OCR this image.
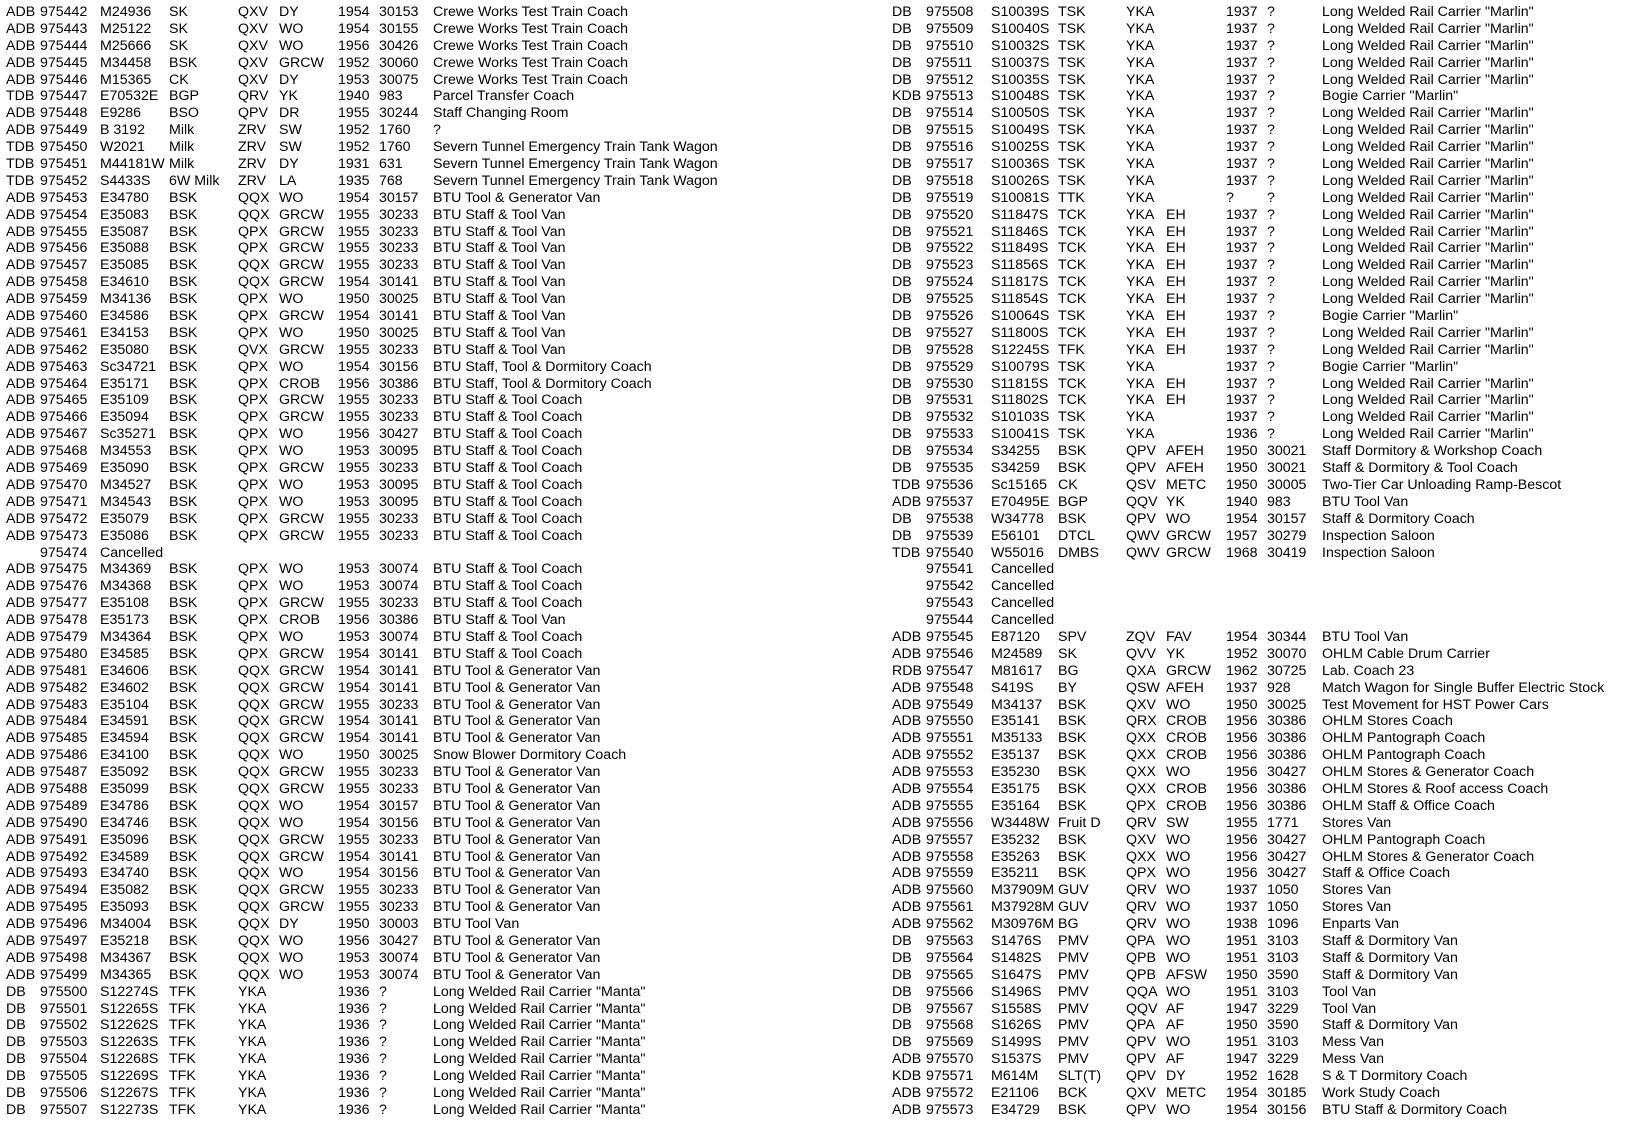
ADB 975442 M24936 SK	QXV DY	1954 30153 Crewe Works Test Train Coach
ADB 975443 M25122 SK	QXV WO 1954 30155 Crewe Works Test Train Coach
ADB 975444 M25666 SK	QXV WO 1956 30426 Crewe Works Test Train Coach
ADB 975445 M34458 BSK	QXV GRCW 1952 30060 Crewe Works Test Train Coach
ADB 975446 M15365 CK	QXV DY	1953 30075 Crewe Works Test Train Coach
TDB 975447 E70532E BGP	QRV YK	1940 983 Parcel Transfer Coach
ADB 975448 E9286 BSO	QPV DR	1955 30244 Staff Changing Room
ADB 975449 B 3192 Milk	ZRV SW	1952 1760 ?
TDB 975450 W2021 Milk	ZRV SW	1952 1760 Severn Tunnel Emergency Train Tank Wagon
TDB 975451 M44181W Milk	ZRV DY	1931 631 Severn Tunnel Emergency Train Tank Wagon
TDB 975452 S4433S 6W Milk ZRV LA	1935 768 Severn Tunnel Emergency Train Tank Wagon
ADB 975453 E34780 BSK	QQX WO 1954 30157 BTU Tool & Generator Van
ADB 975454 E35083 BSK	QQX GRCW 1955 30233 BTU Staff & Tool Van
ADB 975455 E35087 BSK	QPX GRCW 1955 30233 BTU Staff & Tool Van
ADB 975456 E35088 BSK	QPX GRCW 1955 30233 BTU Staff & Tool Van
ADB 975457 E35085 BSK	QQX GRCW 1955 30233 BTU Staff & Tool Van
ADB 975458 E34610 BSK	QQX GRCW 1954 30141 BTU Staff & Tool Van
ADB 975459 M34136 BSK	QPX WO 1950 30025 BTU Staff & Tool Van
ADB 975460 E34586 BSK	QPX GRCW 1954 30141 BTU Staff & Tool Van
ADB 975461 E34153 BSK	QPX WO 1950 30025 BTU Staff & Tool Van
ADB 975462 E35080 BSK	QVX GRCW 1955 30233 BTU Staff & Tool Van
ADB 975463 Sc34721 BSK	QPX WO 1954 30156 BTU Staff, Tool & Dormitory Coach
ADB 975464 E35171 BSK	QPX CROB 1956 30386 BTU Staff, Tool & Dormitory Coach
ADB 975465 E35109 BSK	QPX GRCW 1955 30233 BTU Staff & Tool Coach
ADB 975466 E35094 BSK	QPX GRCW 1955 30233 BTU Staff & Tool Coach
ADB 975467 Sc35271 BSK	QPX WO 1956 30427 BTU Staff & Tool Coach
ADB 975468 M34553 BSK	QPX WO 1953 30095 BTU Staff & Tool Coach
ADB 975469 E35090 BSK	QPX GRCW 1955 30233 BTU Staff & Tool Coach
ADB 975470 M34527 BSK	QPX WO 1953 30095 BTU Staff & Tool Coach
ADB 975471 M34543 BSK	QPX WO 1953 30095 BTU Staff & Tool Coach
ADB 975472 E35079 BSK	QPX GRCW 1955 30233 BTU Staff & Tool Coach
ADB 975473 E35086 BSK	QPX GRCW 1955 30233 BTU Staff & Tool Coach
975474 Cancelled
ADB 975475 M34369 BSK	QPX WO 1953 30074 BTU Staff & Tool Coach
ADB 975476 M34368 BSK	QPX WO 1953 30074 BTU Staff & Tool Coach
ADB 975477 E35108 BSK	QPX GRCW 1955 30233 BTU Staff & Tool Coach
ADB 975478 E35173 BSK	QPX CROB 1956 30386 BTU Staff & Tool Van
ADB 975479 M34364 BSK	QPX WO 1953 30074 BTU Staff & Tool Coach
ADB 975480 E34585 BSK	QPX GRCW 1954 30141 BTU Staff & Tool Coach
ADB 975481 E34606 BSK	QQX GRCW 1954 30141 BTU Tool & Generator Van
ADB 975482 E34602 BSK	QQX GRCW 1954 30141 BTU Tool & Generator Van
ADB 975483 E35104 BSK	QQX GRCW 1955 30233 BTU Tool & Generator Van
ADB 975484 E34591 BSK	QQX GRCW 1954 30141 BTU Tool & Generator Van
ADB 975485 E34594 BSK	QQX GRCW 1954 30141 BTU Tool & Generator Van
ADB 975486 E34100 BSK	QQX WO 1950 30025 Snow Blower Dormitory Coach
ADB 975487 E35092 BSK	QQX GRCW 1955 30233 BTU Tool & Generator Van
ADB 975488 E35099 BSK	QQX GRCW 1955 30233 BTU Tool & Generator Van
ADB 975489 E34786 BSK	QQX WO 1954 30157 BTU Tool & Generator Van
ADB 975490 E34746 BSK	QQX WO 1954 30156 BTU Tool & Generator Van
ADB 975491 E35096 BSK	QQX GRCW 1955 30233 BTU Tool & Generator Van
ADB 975492 E34589 BSK	QQX GRCW 1954 30141 BTU Tool & Generator Van
ADB 975493 E34740 BSK	QQX WO 1954 30156 BTU Tool & Generator Van
ADB 975494 E35082 BSK	QQX GRCW 1955 30233 BTU Tool & Generator Van
ADB 975495 E35093 BSK	QQX GRCW 1955 30233 BTU Tool & Generator Van
ADB 975496 M34004 BSK	QQX DY	1950 30003 BTU Tool Van
ADB 975497 E35218 BSK	QQX WO 1956 30427 BTU Tool & Generator Van
ADB 975498 M34367 BSK	QQX WO 1953 30074 BTU Tool & Generator Van
ADB 975499 M34365 BSK	QQX WO 1953 30074 BTU Tool & Generator Van
DB 975500 S12274S TFK	YKA	1936 ?	Long Welded Rail Carrier "Manta"
DB 975501 S12265S TFK	YKA	1936 ?	Long Welded Rail Carrier "Manta"
DB 975502 S12262S TFK	YKA	1936 ?	Long Welded Rail Carrier "Manta"
DB 975503 S12263S TFK	YKA	1936 ?	Long Welded Rail Carrier "Manta"
DB 975504 S12268S TFK	YKA	1936 ?	Long Welded Rail Carrier "Manta"
DB 975505 S12269S TFK	YKA	1936 ?	Long Welded Rail Carrier "Manta"
DB 975506 S12267S TFK	YKA	1936 ?	Long Welded Rail Carrier "Manta"
DB 975507 S12273S TFK	YKA	1936 ?	Long Welded Rail Carrier "Manta"
DB 975508 S10039S TSK	YKA	1937 ?	Long Welded Rail Carrier "Marlin"
DB 975509 S10040S TSK	YKA	1937 ?	Long Welded Rail Carrier "Marlin"
DB 975510 S10032S TSK	YKA	1937 ?	Long Welded Rail Carrier "Marlin"
DB 975511 S10037S TSK	YKA	1937 ?	Long Welded Rail Carrier "Marlin"
DB 975512 S10035S TSK	YKA	1937 ?	Long Welded Rail Carrier "Marlin"
KDB 975513 S10048S TSK	YKA	1937 ?	Bogie Carrier "Marlin"
DB 975514 S10050S TSK	YKA	1937 ?	Long Welded Rail Carrier "Marlin"
DB 975515 S10049S TSK	YKA	1937 ?	Long Welded Rail Carrier "Marlin"
DB 975516 S10025S TSK	YKA	1937 ?	Long Welded Rail Carrier "Marlin"
DB 975517 S10036S TSK	YKA	1937 ?	Long Welded Rail Carrier "Marlin"
DB 975518 S10026S TSK	YKA	1937 ?	Long Welded Rail Carrier "Marlin"
DB 975519 S10081S TTK	YKA	? ?	Long Welded Rail Carrier "Marlin"
DB 975520 S11847S TCK	YKA EH	1937 ?	Long Welded Rail Carrier "Marlin"
DB 975521 S11846S TCK	YKA EH	1937 ?	Long Welded Rail Carrier "Marlin"
DB 975522 S11849S TCK	YKA EH	1937 ?	Long Welded Rail Carrier "Marlin"
DB 975523 S11856S TCK	YKA EH	1937 ?	Long Welded Rail Carrier "Marlin"
DB 975524 S11817S TCK	YKA EH	1937 ?	Long Welded Rail Carrier "Marlin"
DB 975525 S11854S TCK	YKA EH	1937 ?	Long Welded Rail Carrier "Marlin"
DB 975526 S10064S TSK	YKA EH	1937 ?	Bogie Carrier "Marlin"
DB 975527 S11800S TCK	YKA EH	1937 ?	Long Welded Rail Carrier "Marlin"
DB 975528 S12245S TFK	YKA EH	1937 ?	Long Welded Rail Carrier "Marlin"
DB 975529 S10079S TSK	YKA	1937 ?	Bogie Carrier "Marlin"
DB 975530 S11815S TCK	YKA EH	1937 ?	Long Welded Rail Carrier "Marlin"
DB 975531 S11802S TCK	YKA EH	1937 ?	Long Welded Rail Carrier "Marlin"
DB 975532 S10103S TSK	YKA	1937 ?	Long Welded Rail Carrier "Marlin"
DB 975533 S10041S TSK	YKA	1936 ?	Long Welded Rail Carrier "Marlin"
DB 975534 S34255 BSK	QPV AFEH 1950 30021 Staff Dormitory & Workshop Coach
DB 975535 S34259 BSK	QPV AFEH 1950 30021 Staff & Dormitory & Tool Coach
TDB 975536 Sc15165 CK	QSV METC 1950 30005 Two-Tier Car Unloading Ramp-Bescot
ADB 975537 E70495E BGP	QQV YK	1940 983 BTU Tool Van
DB 975538 W34778 BSK	QPV WO	1954 30157 Staff & Dormitory Coach
DB 975539 E56101 DTCL QWV GRCW 1957 30279 Inspection Saloon
TDB 975540 W55016 DMBS QWV GRCW 1968 30419 Inspection Saloon
975541 Cancelled
975542 Cancelled
975543 Cancelled
975544 Cancelled
ADB 975545 E87120 SPV	ZQV FAV 1954 30344 BTU Tool Van
ADB 975546 M24589 SK	QVV YK	1952 30070 OHLM Cable Drum Carrier
RDB 975547 M81617 BG	QXA GRCW 1962 30725 Lab. Coach 23
ADB 975548 S419S BY	QSW AFEH 1937 928 Match Wagon for Single Buffer Electric Stock
ADB 975549 M34137 BSK	QXV WO	1950 30025 Test Movement for HST Power Cars
ADB 975550 E35141 BSK	QRX CROB 1956 30386 OHLM Stores Coach
ADB 975551 M35133 BSK	QXX CROB 1956 30386 OHLM Pantograph Coach
ADB 975552 E35137 BSK	QXX CROB 1956 30386 OHLM Pantograph Coach
ADB 975553 E35230 BSK	QXX WO	1956 30427 OHLM Stores & Generator Coach
ADB 975554 E35175 BSK	QXX CROB 1956 30386 OHLM Stores & Roof access Coach
ADB 975555 E35164 BSK	QPX CROB 1956 30386 OHLM Staff & Office Coach
ADB 975556 W3448W Fruit D QRV SW	1955 1771 Stores Van
ADB 975557 E35232 BSK	QXV WO	1956 30427 OHLM Pantograph Coach
ADB 975558 E35263 BSK	QXX WO	1956 30427 OHLM Stores & Generator Coach
ADB 975559 E35211 BSK	QPX WO	1956 30427 Staff & Office Coach
ADB 975560 M37909M GUV	QRV WO	1937 1050 Stores Van
ADB 975561 M37928M GUV	QRV WO	1937 1050 Stores Van
ADB 975562 M30976M BG	QRV WO	1938 1096 Enparts Van
DB 975563 S1476S PMV	QPA WO	1951 3103 Staff & Dormitory Van
DB 975564 S1482S PMV	QPB WO	1951 3103 Staff & Dormitory Van
DB 975565 S1647S PMV	QPB AFSW 1950 3590 Staff & Dormitory Van
DB 975566 S1496S PMV	QQA WO	1951 3103 Tool Van
DB 975567 S1558S PMV	QQV AF	1947 3229 Tool Van
DB 975568 S1626S PMV	QPA AF	1950 3590 Staff & Dormitory Van
DB 975569 S1499S PMV	QPV WO	1951 3103 Mess Van
ADB 975570 S1537S PMV	QPV AF	1947 3229 Mess Van
KDB 975571 M614M SLT(T) QPV DY	1952 1628 S & T Dormitory Coach
ADB 975572 E21106 BCK	QXV METC 1954 30185 Work Study Coach
ADB 975573 E34729 BSK	QPV WO	1954 30156 BTU Staff & Dormitory Coach
